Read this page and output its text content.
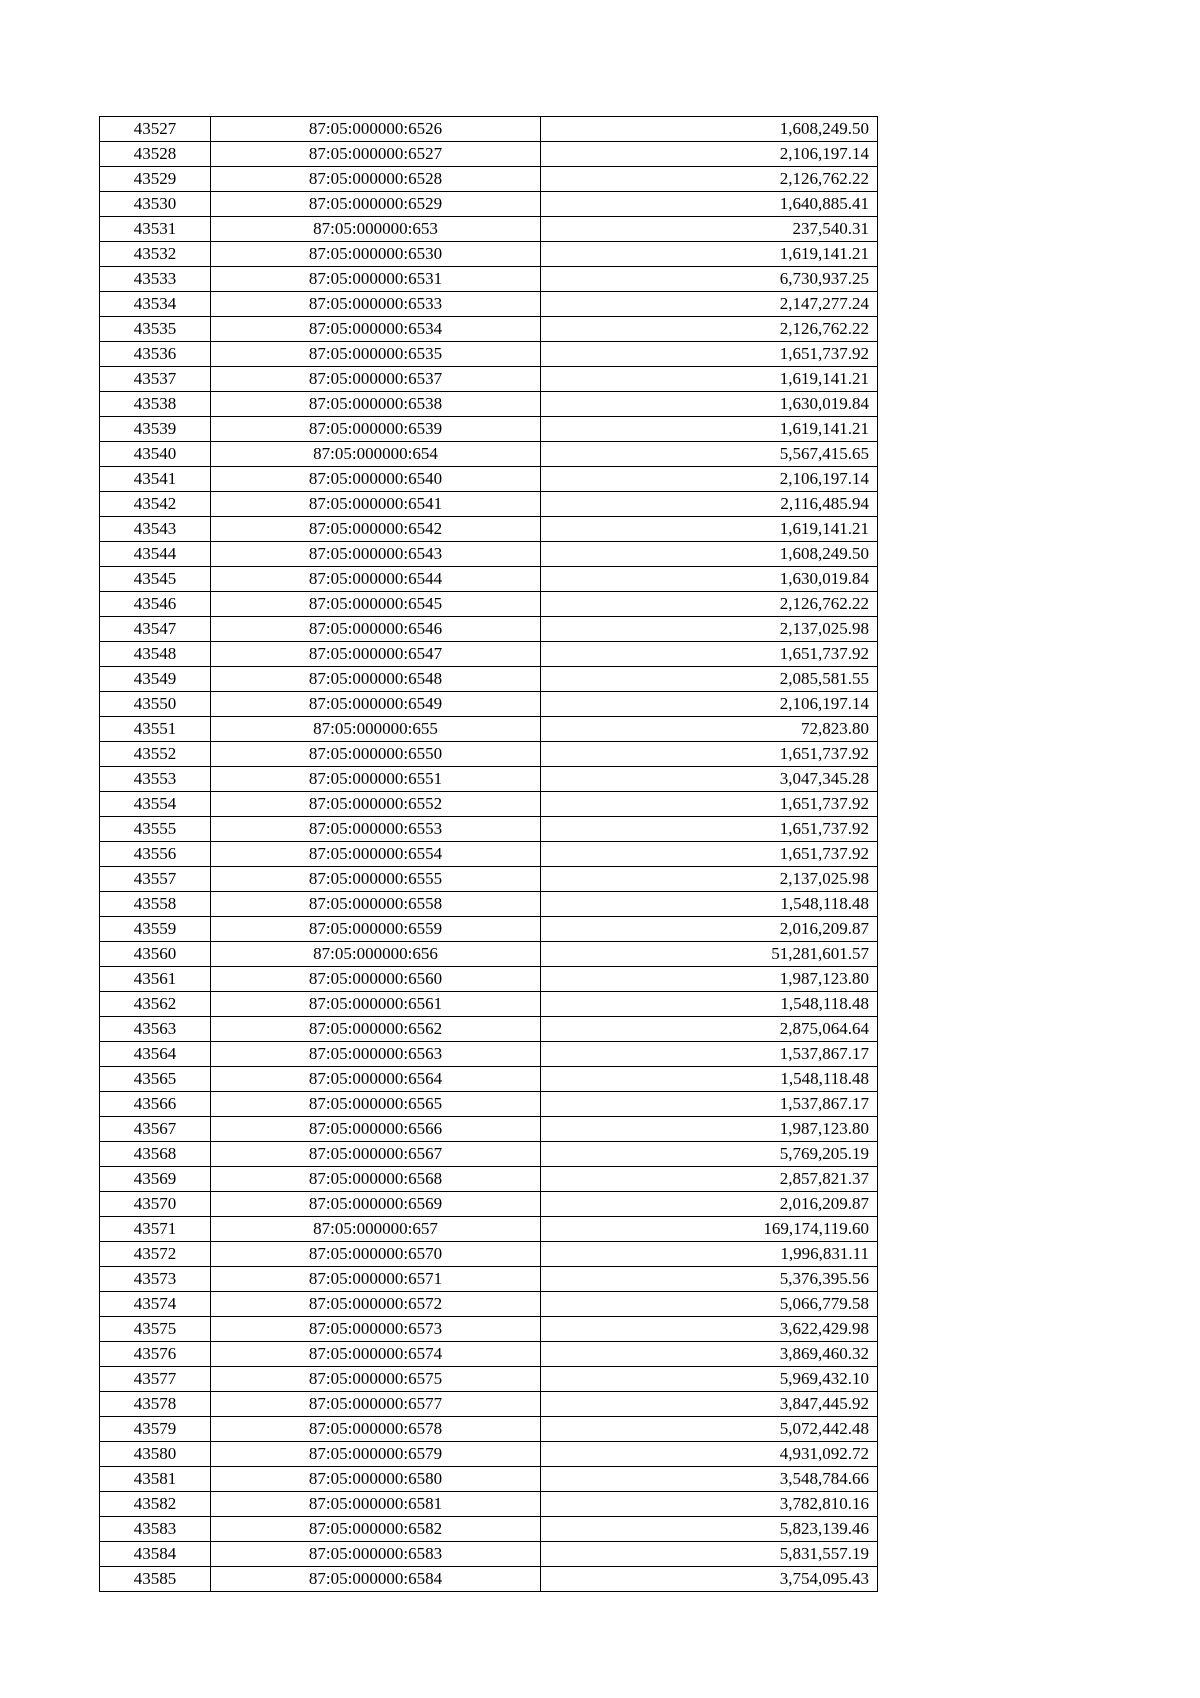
43527	87:05:000000:6526	1,608,249.50
43528	87:05:000000:6527	2,106,197.14
43529	87:05:000000:6528	2,126,762.22
43530	87:05:000000:6529	1,640,885.41
43531	87:05:000000:653	237,540.31
43532	87:05:000000:6530	1,619,141.21
43533	87:05:000000:6531	6,730,937.25
43534	87:05:000000:6533	2,147,277.24
43535	87:05:000000:6534	2,126,762.22
43536	87:05:000000:6535	1,651,737.92
43537	87:05:000000:6537	1,619,141.21
43538	87:05:000000:6538	1,630,019.84
43539	87:05:000000:6539	1,619,141.21
43540	87:05:000000:654	5,567,415.65
43541	87:05:000000:6540	2,106,197.14
43542	87:05:000000:6541	2,116,485.94
43543	87:05:000000:6542	1,619,141.21
43544	87:05:000000:6543	1,608,249.50
43545	87:05:000000:6544	1,630,019.84
43546	87:05:000000:6545	2,126,762.22
43547	87:05:000000:6546	2,137,025.98
43548	87:05:000000:6547	1,651,737.92
43549	87:05:000000:6548	2,085,581.55
43550	87:05:000000:6549	2,106,197.14
43551	87:05:000000:655	72,823.80
43552	87:05:000000:6550	1,651,737.92
43553	87:05:000000:6551	3,047,345.28
43554	87:05:000000:6552	1,651,737.92
43555	87:05:000000:6553	1,651,737.92
43556	87:05:000000:6554	1,651,737.92
43557	87:05:000000:6555	2,137,025.98
43558	87:05:000000:6558	1,548,118.48
43559	87:05:000000:6559	2,016,209.87
43560	87:05:000000:656	51,281,601.57
43561	87:05:000000:6560	1,987,123.80
43562	87:05:000000:6561	1,548,118.48
43563	87:05:000000:6562	2,875,064.64
43564	87:05:000000:6563	1,537,867.17
43565	87:05:000000:6564	1,548,118.48
43566	87:05:000000:6565	1,537,867.17
43567	87:05:000000:6566	1,987,123.80
43568	87:05:000000:6567	5,769,205.19
43569	87:05:000000:6568	2,857,821.37
43570	87:05:000000:6569	2,016,209.87
43571	87:05:000000:657	169,174,119.60
43572	87:05:000000:6570	1,996,831.11
43573	87:05:000000:6571	5,376,395.56
43574	87:05:000000:6572	5,066,779.58
43575	87:05:000000:6573	3,622,429.98
43576	87:05:000000:6574	3,869,460.32
43577	87:05:000000:6575	5,969,432.10
43578	87:05:000000:6577	3,847,445.92
43579	87:05:000000:6578	5,072,442.48
43580	87:05:000000:6579	4,931,092.72
43581	87:05:000000:6580	3,548,784.66
43582	87:05:000000:6581	3,782,810.16
43583	87:05:000000:6582	5,823,139.46
43584	87:05:000000:6583	5,831,557.19
43585	87:05:000000:6584	3,754,095.43
